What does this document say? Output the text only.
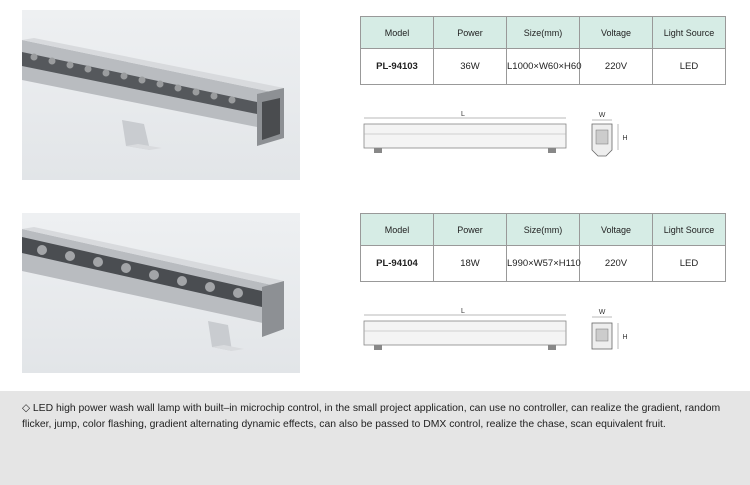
Model	Power	Size(mm)	Voltage	Light Source
PL-94103	36W	L1000×W60×H60	220V	LED
L	W
H
Model	Power	Size(mm)	Voltage	Light Source
PL-94104	18W	L990×W57×H110	220V	LED
L	W
H
◇ LED high power wash wall lamp with built–in microchip control, in the small project application, can use no controller, can realize the gradient, random flicker, jump, color flashing, gradient alternating dynamic effects, can also be passed to DMX control, realize the chase, scan equivalent fruit.
